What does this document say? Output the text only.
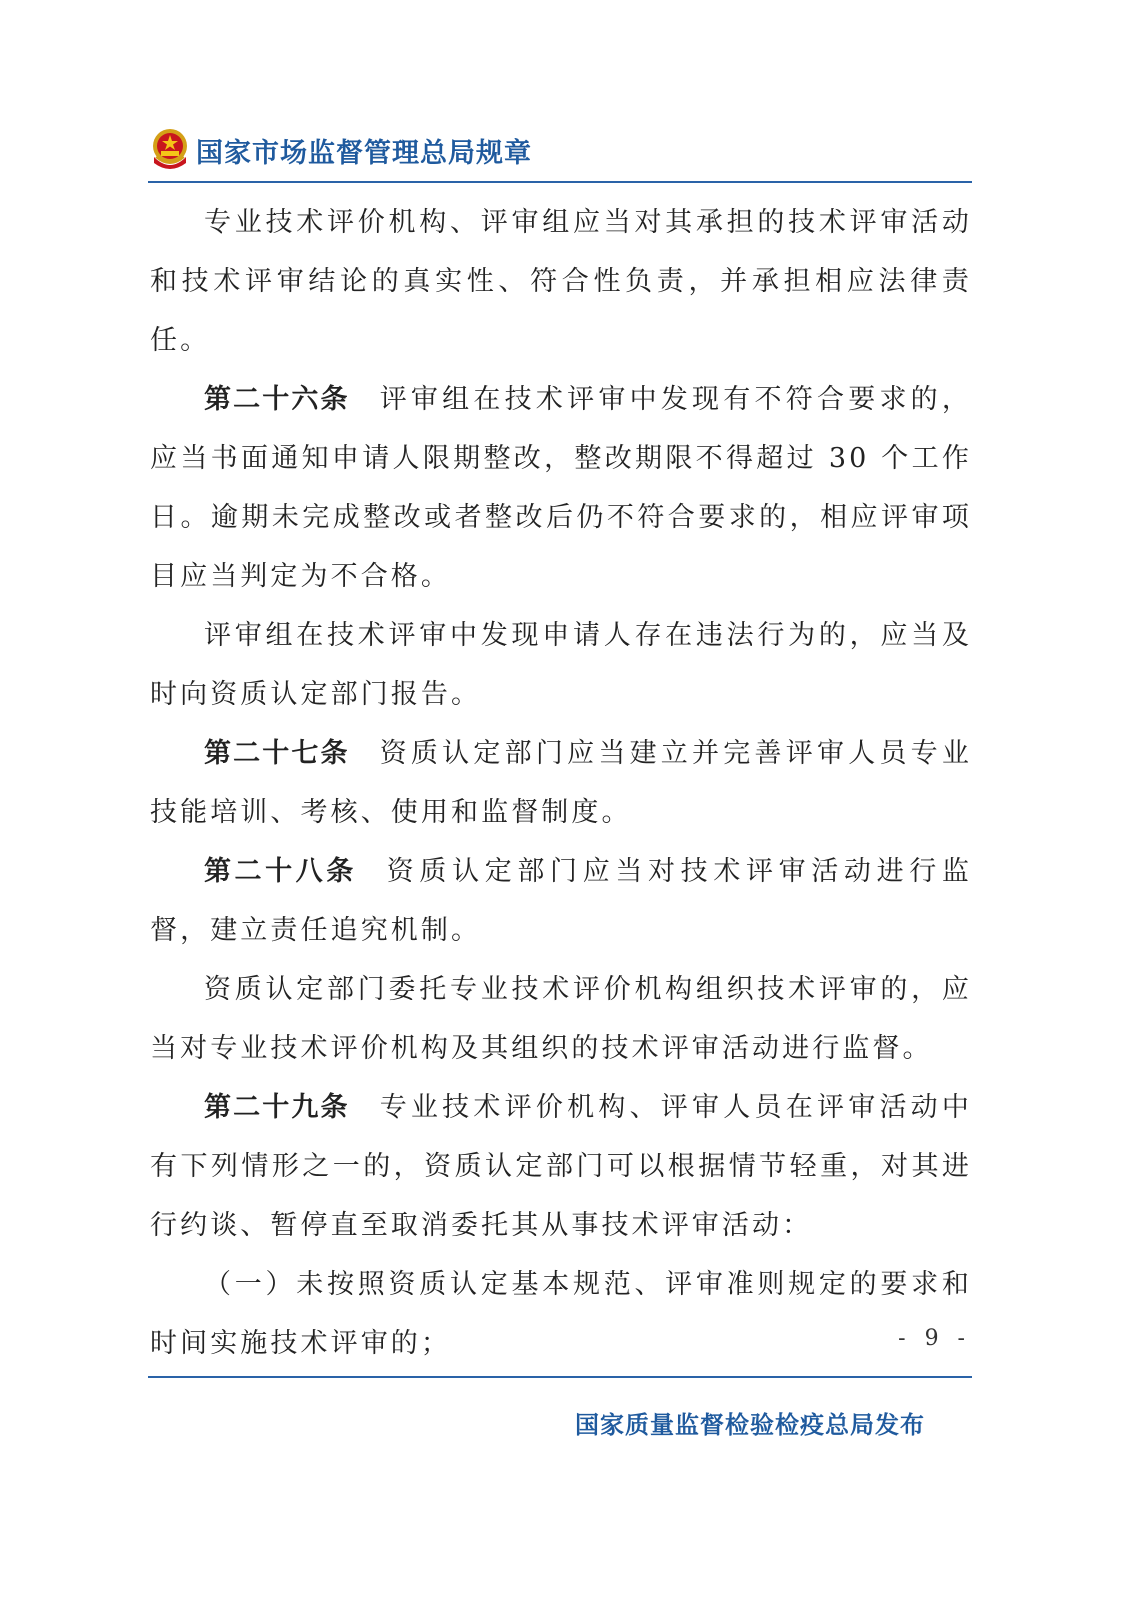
国家市场监督管理总局规章

专业技术评价机构、评审组应当对其承担的技术评审活动和技术评审结论的真实性、符合性负责，并承担相应法律责任。

第二十六条 评审组在技术评审中发现有不符合要求的，应当书面通知申请人限期整改，整改期限不得超过 30 个工作日。逾期未完成整改或者整改后仍不符合要求的，相应评审项目应当判定为不合格。

评审组在技术评审中发现申请人存在违法行为的，应当及时向资质认定部门报告。

第二十七条 资质认定部门应当建立并完善评审人员专业技能培训、考核、使用和监督制度。

第二十八条 资质认定部门应当对技术评审活动进行监督，建立责任追究机制。

资质认定部门委托专业技术评价机构组织技术评审的，应当对专业技术评价机构及其组织的技术评审活动进行监督。

第二十九条 专业技术评价机构、评审人员在评审活动中有下列情形之一的，资质认定部门可以根据情节轻重，对其进行约谈、暂停直至取消委托其从事技术评审活动：

（一）未按照资质认定基本规范、评审准则规定的要求和时间实施技术评审的；	- 9 -
国家质量监督检验检疫总局发布
